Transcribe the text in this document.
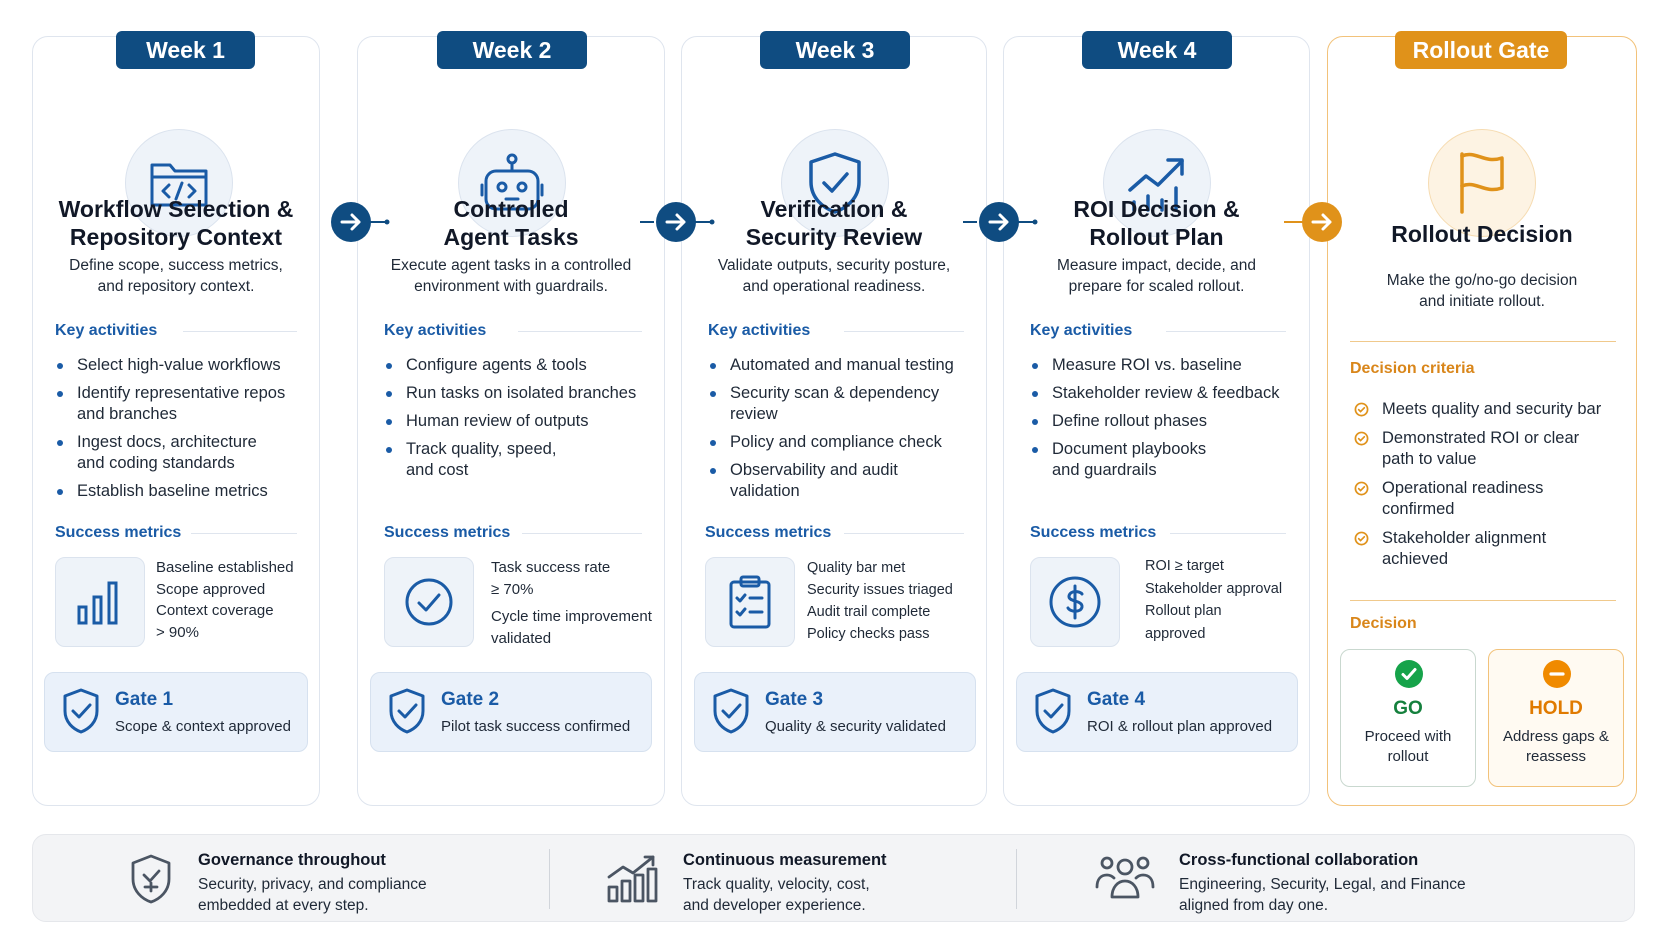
Workflow Selection &
Repository Context
Define scope, success metrics,
and repository context.
Key activities
Select high-value workflows
Identify representative repos
and branches
Ingest docs, architecture
and coding standards
Establish baseline metrics
Success metrics
Baseline established
Scope approved
Context coverage
> 90%
Gate 1
Scope & context approved
Week 1
Controlled
Agent Tasks
Execute agent tasks in a controlled
environment with guardrails.
Key activities
Configure agents & tools
Run tasks on isolated branches
Human review of outputs
Track quality, speed,
and cost
Success metrics
Task success rate
≥ 70%
Cycle time improvement
validated
Gate 2
Pilot task success confirmed
Week 2
Verification &
Security Review
Validate outputs, security posture,
and operational readiness.
Key activities
Automated and manual testing
Security scan & dependency
review
Policy and compliance check
Observability and audit
validation
Success metrics
Quality bar met
Security issues triaged
Audit trail complete
Policy checks pass
Gate 3
Quality & security validated
Week 3
ROI Decision &
Rollout Plan
Measure impact, decide, and
prepare for scaled rollout.
Key activities
Measure ROI vs. baseline
Stakeholder review & feedback
Define rollout phases
Document playbooks
and guardrails
Success metrics
ROI ≥ target
Stakeholder approval
Rollout plan
approved
Gate 4
ROI & rollout plan approved
Week 4
Rollout Decision
Make the go/no-go decision
and initiate rollout.
Decision criteria
Meets quality and security bar
Demonstrated ROI or clear
path to value
Operational readiness
confirmed
Stakeholder alignment
achieved
Decision
GO
Proceed with
rollout
HOLD
Address gaps &
reassess
Rollout Gate
Governance throughout
Security, privacy, and compliance
embedded at every step.
Continuous measurement
Track quality, velocity, cost,
and developer experience.
Cross-functional collaboration
Engineering, Security, Legal, and Finance
aligned from day one.
